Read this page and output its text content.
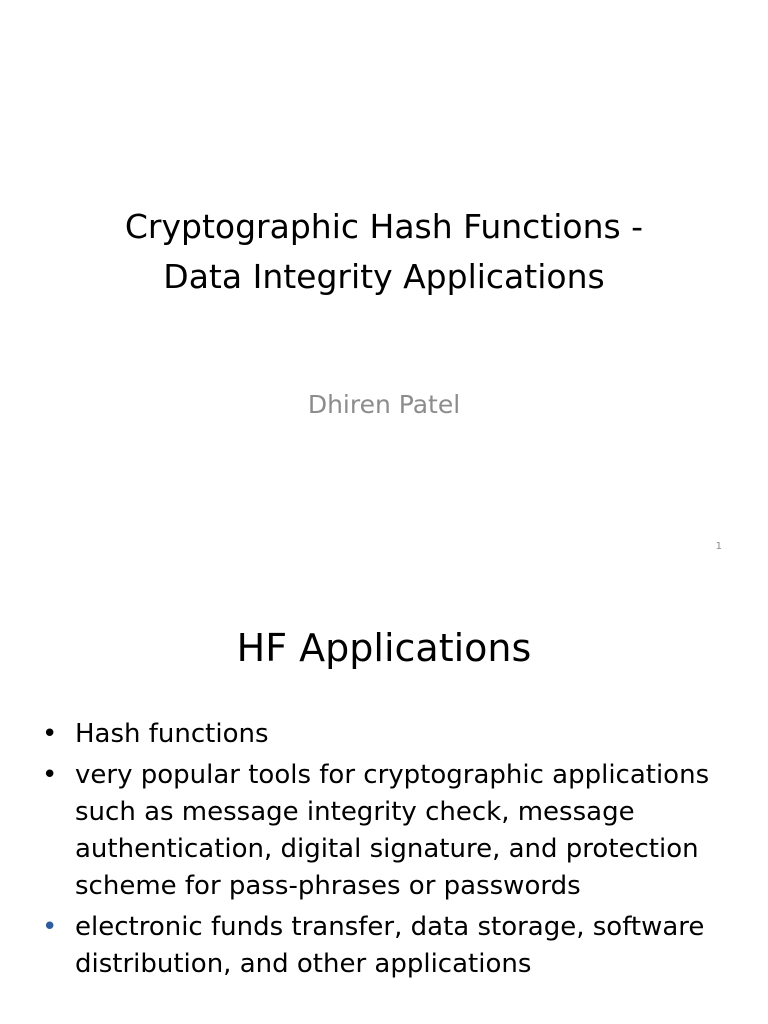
Cryptographic Hash Functions -
Data Integrity Applications
Dhiren Patel
1
HF Applications
• Hash functions
• very popular tools for cryptographic applications such as message integrity check, message authentication, digital signature, and protection scheme for pass-phrases or passwords
• electronic funds transfer, data storage, software distribution, and other applications
